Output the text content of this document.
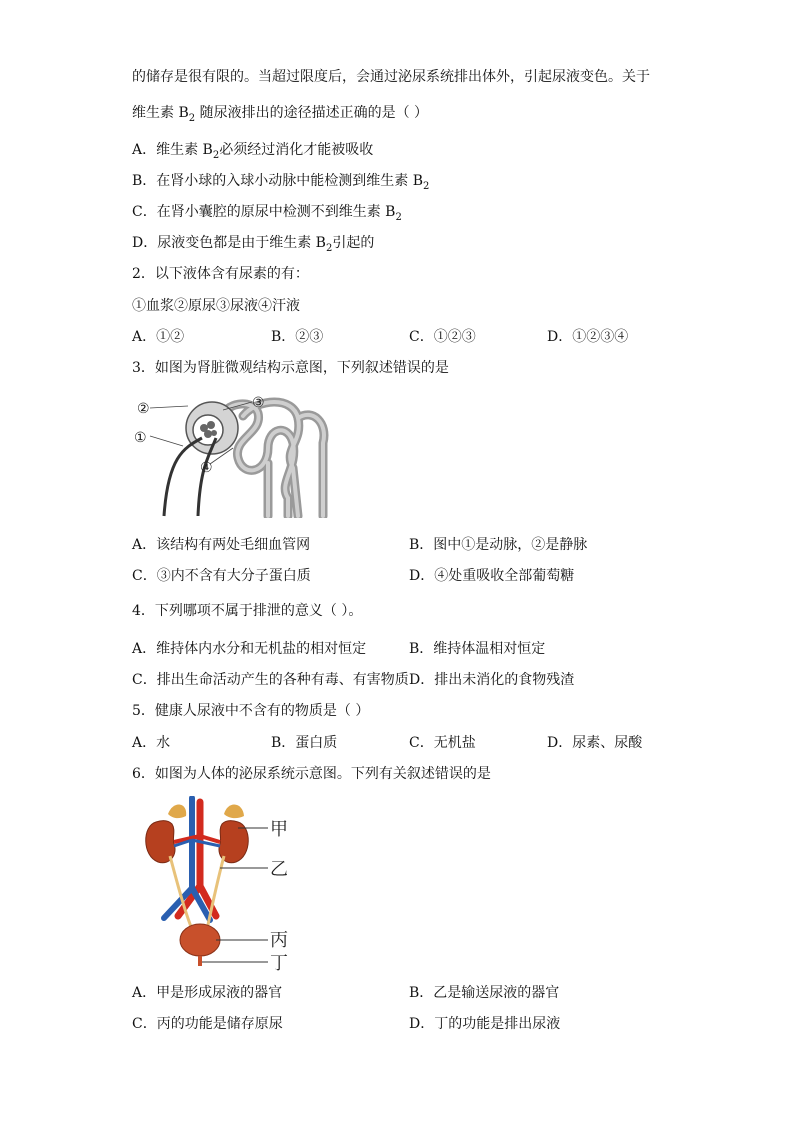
的储存是很有限的。当超过限度后，会通过泌尿系统排出体外，引起尿液变色。关于
维生素 $B_2$ 随尿液排出的途径描述正确的是（ ）
A．维生素 $B_2$必须经过消化才能被吸收
B．在肾小球的入球小动脉中能检测到维生素 $B_2$
C．在肾小囊腔的原尿中检测不到维生素 $B_2$
D．尿液变色都是由于维生素 $B_2$引起的
2．以下液体含有尿素的有：
①血浆②原尿③尿液④汗液
A．①②	B．②③	C．①②③	D．①②③④
3．如图为肾脏微观结构示意图，下列叙述错误的是
②	③
①
④
A．该结构有两处毛细血管网	B．图中①是动脉，②是静脉
C．③内不含有大分子蛋白质	D．④处重吸收全部葡萄糖
4．下列哪项不属于排泄的意义（ ）。
A．维持体内水分和无机盐的相对恒定	B．维持体温相对恒定
C．排出生命活动产生的各种有毒、有害物质 D．排出未消化的食物残渣
5．健康人尿液中不含有的物质是（ ）
A．水	B．蛋白质	C．无机盐	D．尿素、尿酸
6．如图为人体的泌尿系统示意图。下列有关叙述错误的是
甲
乙
丙
丁
A．甲是形成尿液的器官	B．乙是输送尿液的器官
C．丙的功能是储存原尿	D．丁的功能是排出尿液
